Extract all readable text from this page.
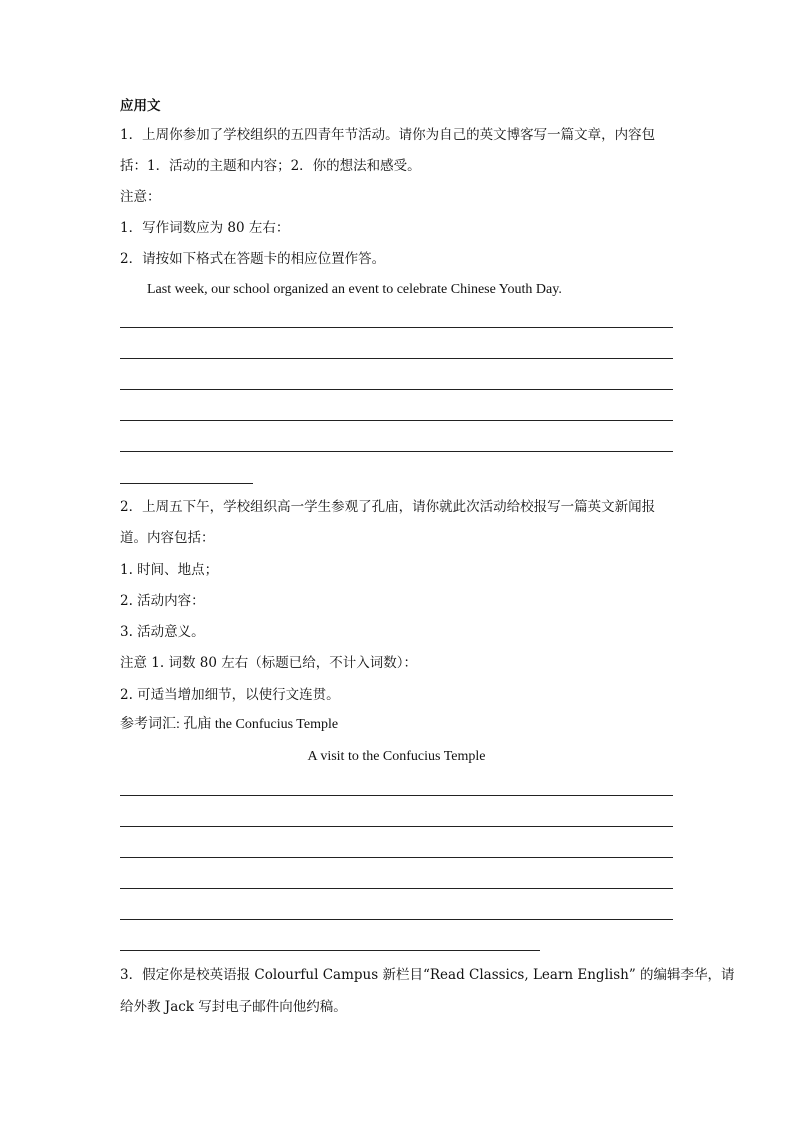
应用文
1．上周你参加了学校组织的五四青年节活动。请你为自己的英文博客写一篇文章，内容包
括：1．活动的主题和内容；2．你的想法和感受。
注意：
1．写作词数应为 80 左右：
2．请按如下格式在答题卡的相应位置作答。
Last week, our school organized an event to celebrate Chinese Youth Day.
2．上周五下午，学校组织高一学生参观了孔庙，请你就此次活动给校报写一篇英文新闻报
道。内容包括：
1. 时间、地点；
2. 活动内容：
3. 活动意义。
注意 1. 词数 80 左右（标题已给，不计入词数）：
2. 可适当增加细节，以使行文连贯。
参考词汇: 孔庙 the Confucius Temple
A visit to the Confucius Temple
3．假定你是校英语报 Colourful Campus 新栏目“Read Classics, Learn English” 的编辑李华，请
给外教 Jack 写封电子邮件向他约稿。
